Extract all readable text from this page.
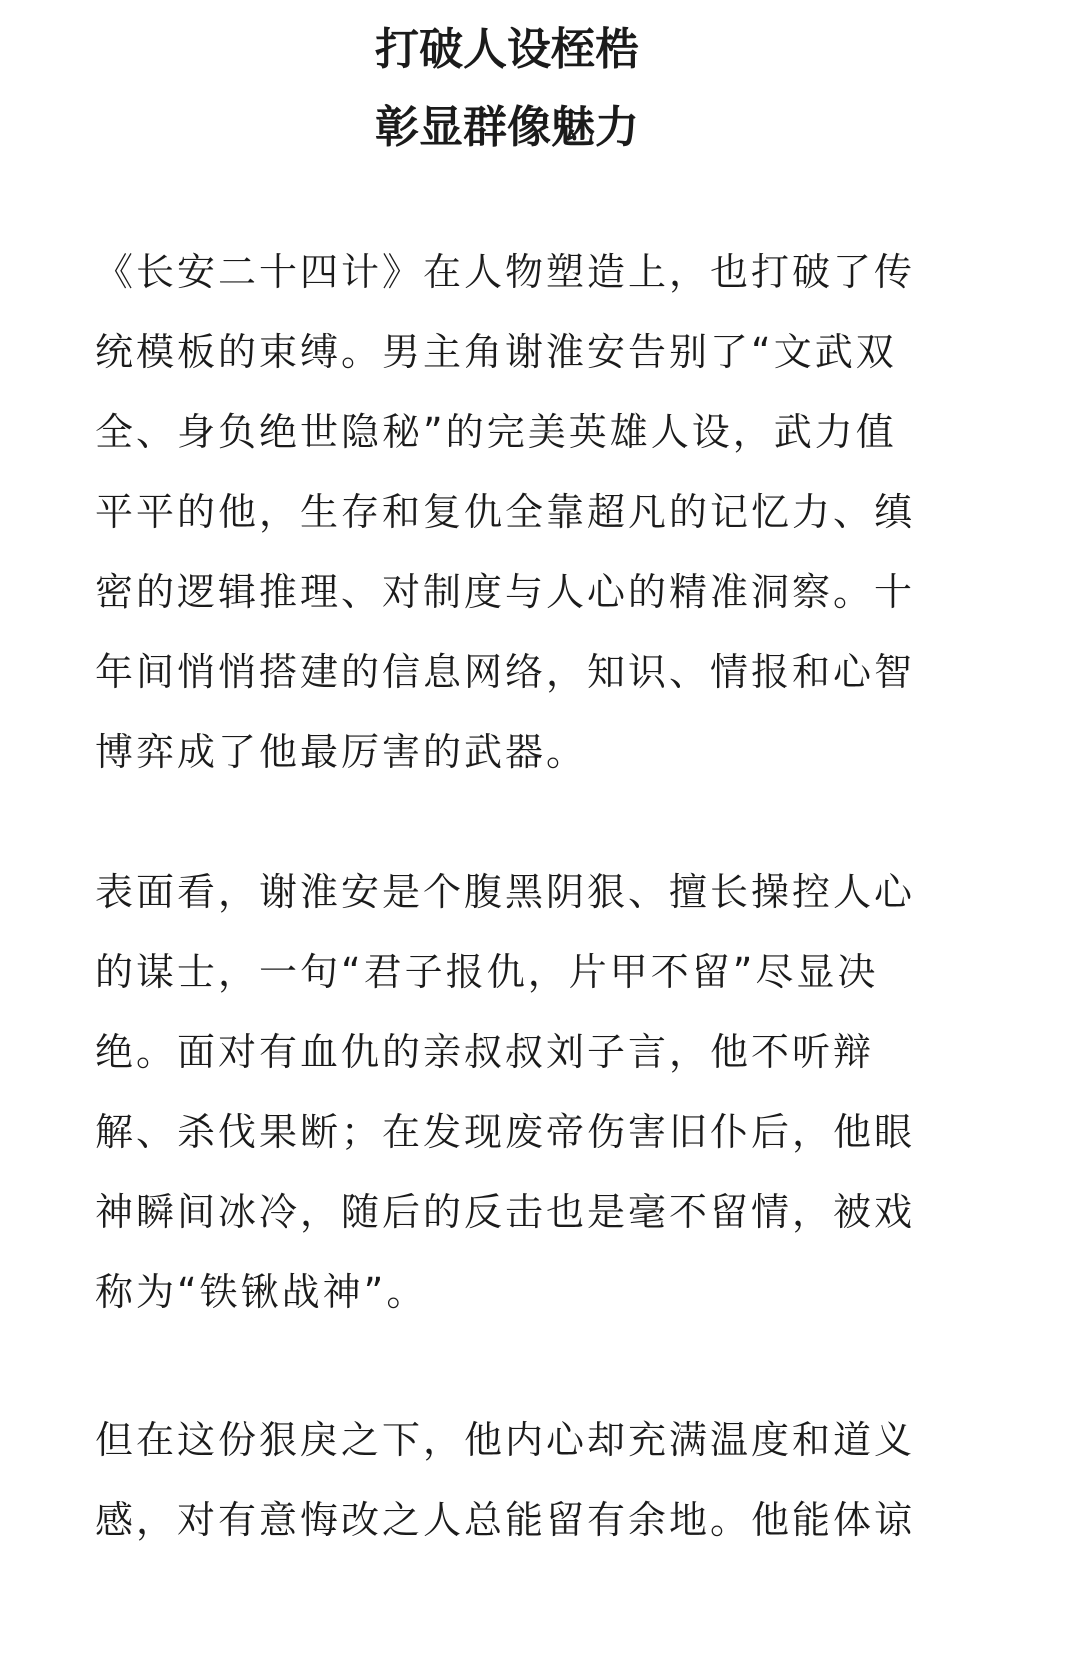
打破人设桎梏
彰显群像魅力
《长安二十四计》在人物塑造上，也打破了传
统模板的束缚。男主角谢淮安告别了“文武双
全、身负绝世隐秘”的完美英雄人设，武力值
平平的他，生存和复仇全靠超凡的记忆力、缜
密的逻辑推理、对制度与人心的精准洞察。十
年间悄悄搭建的信息网络，知识、情报和心智
博弈成了他最厉害的武器。
表面看，谢淮安是个腹黑阴狠、擅长操控人心
的谋士，一句“君子报仇，片甲不留”尽显决
绝。面对有血仇的亲叔叔刘子言，他不听辩
解、杀伐果断；在发现废帝伤害旧仆后，他眼
神瞬间冰冷，随后的反击也是毫不留情，被戏
称为“铁锹战神”。
但在这份狠戾之下，他内心却充满温度和道义
感，对有意悔改之人总能留有余地。他能体谅
